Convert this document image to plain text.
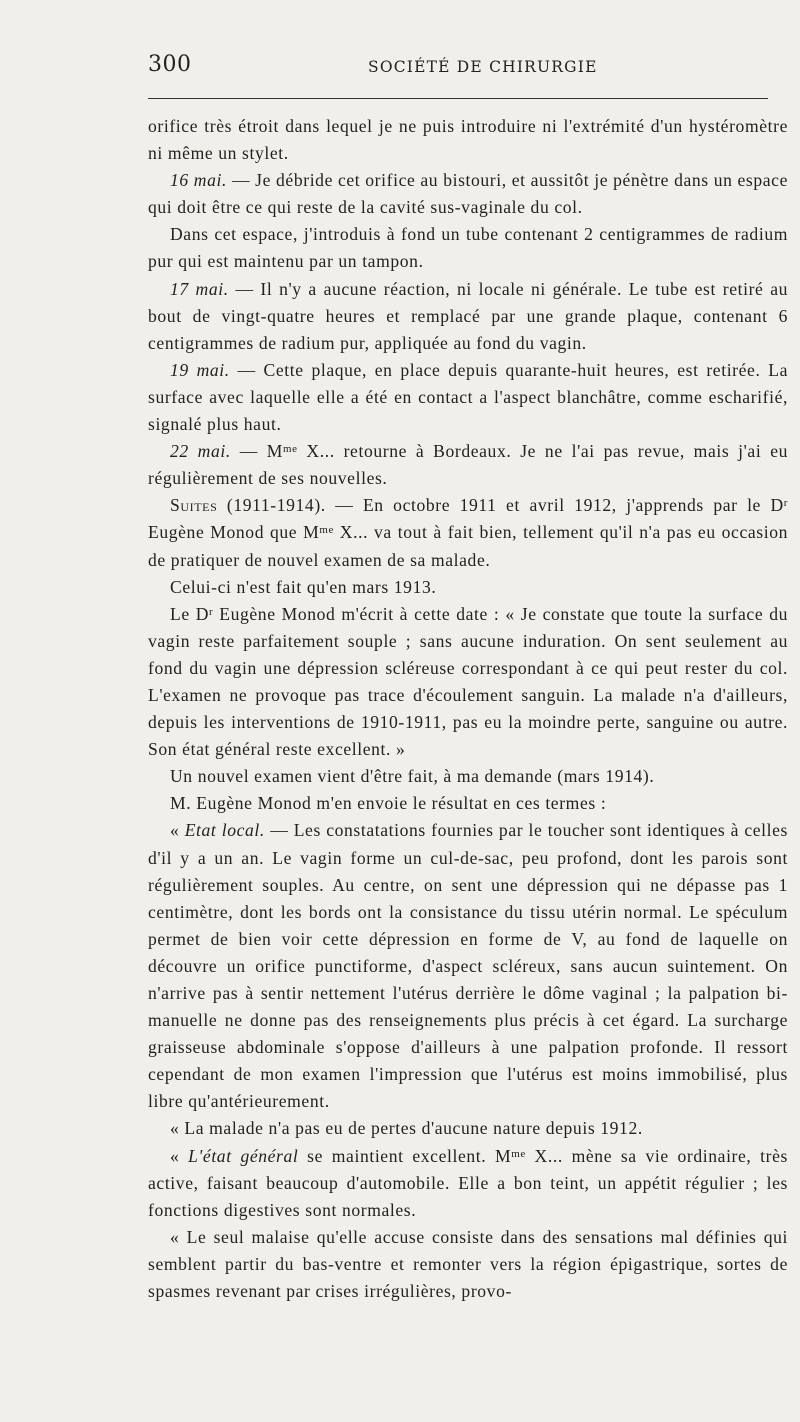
300	SOCIÉTÉ DE CHIRURGIE

orifice très étroit dans lequel je ne puis introduire ni l'extrémité d'un hystéromètre ni même un stylet.

16 mai. — Je débride cet orifice au bistouri, et aussitôt je pénètre dans un espace qui doit être ce qui reste de la cavité sus-vaginale du col.

Dans cet espace, j'introduis à fond un tube contenant 2 centigrammes de radium pur qui est maintenu par un tampon.

17 mai. — Il n'y a aucune réaction, ni locale ni générale. Le tube est retiré au bout de vingt-quatre heures et remplacé par une grande plaque, contenant 6 centigrammes de radium pur, appliquée au fond du vagin.

19 mai. — Cette plaque, en place depuis quarante-huit heures, est retirée. La surface avec laquelle elle a été en contact a l'aspect blanchâtre, comme escharifié, signalé plus haut.

22 mai. — $M^{me}$ X... retourne à Bordeaux. Je ne l'ai pas revue, mais j'ai eu régulièrement de ses nouvelles.

Suites (1911-1914). — En octobre 1911 et avril 1912, j'apprends par le $D^r$ Eugène Monod que $M^{me}$ X... va tout à fait bien, tellement qu'il n'a pas eu occasion de pratiquer de nouvel examen de sa malade.

Celui-ci n'est fait qu'en mars 1913.

Le $D^r$ Eugène Monod m'écrit à cette date : « Je constate que toute la surface du vagin reste parfaitement souple ; sans aucune induration. On sent seulement au fond du vagin une dépression scléreuse correspondant à ce qui peut rester du col. L'examen ne provoque pas trace d'écoulement sanguin. La malade n'a d'ailleurs, depuis les interventions de 1910-1911, pas eu la moindre perte, sanguine ou autre. Son état général reste excellent. »

Un nouvel examen vient d'être fait, à ma demande (mars 1914).

M. Eugène Monod m'en envoie le résultat en ces termes :

« Etat local. — Les constatations fournies par le toucher sont identiques à celles d'il y a un an. Le vagin forme un cul-de-sac, peu profond, dont les parois sont régulièrement souples. Au centre, on sent une dépression qui ne dépasse pas 1 centimètre, dont les bords ont la consistance du tissu utérin normal. Le spéculum permet de bien voir cette dépression en forme de V, au fond de laquelle on découvre un orifice punctiforme, d'aspect scléreux, sans aucun suintement. On n'arrive pas à sentir nettement l'utérus derrière le dôme vaginal ; la palpation bi-manuelle ne donne pas des renseignements plus précis à cet égard. La surcharge graisseuse abdominale s'oppose d'ailleurs à une palpation profonde. Il ressort cependant de mon examen l'impression que l'utérus est moins immobilisé, plus libre qu'antérieurement.

« La malade n'a pas eu de pertes d'aucune nature depuis 1912.

« L'état général se maintient excellent. $M^{me}$ X... mène sa vie ordinaire, très active, faisant beaucoup d'automobile. Elle a bon teint, un appétit régulier ; les fonctions digestives sont normales.

« Le seul malaise qu'elle accuse consiste dans des sensations mal définies qui semblent partir du bas-ventre et remonter vers la région épigastrique, sortes de spasmes revenant par crises irrégulières, provo-
